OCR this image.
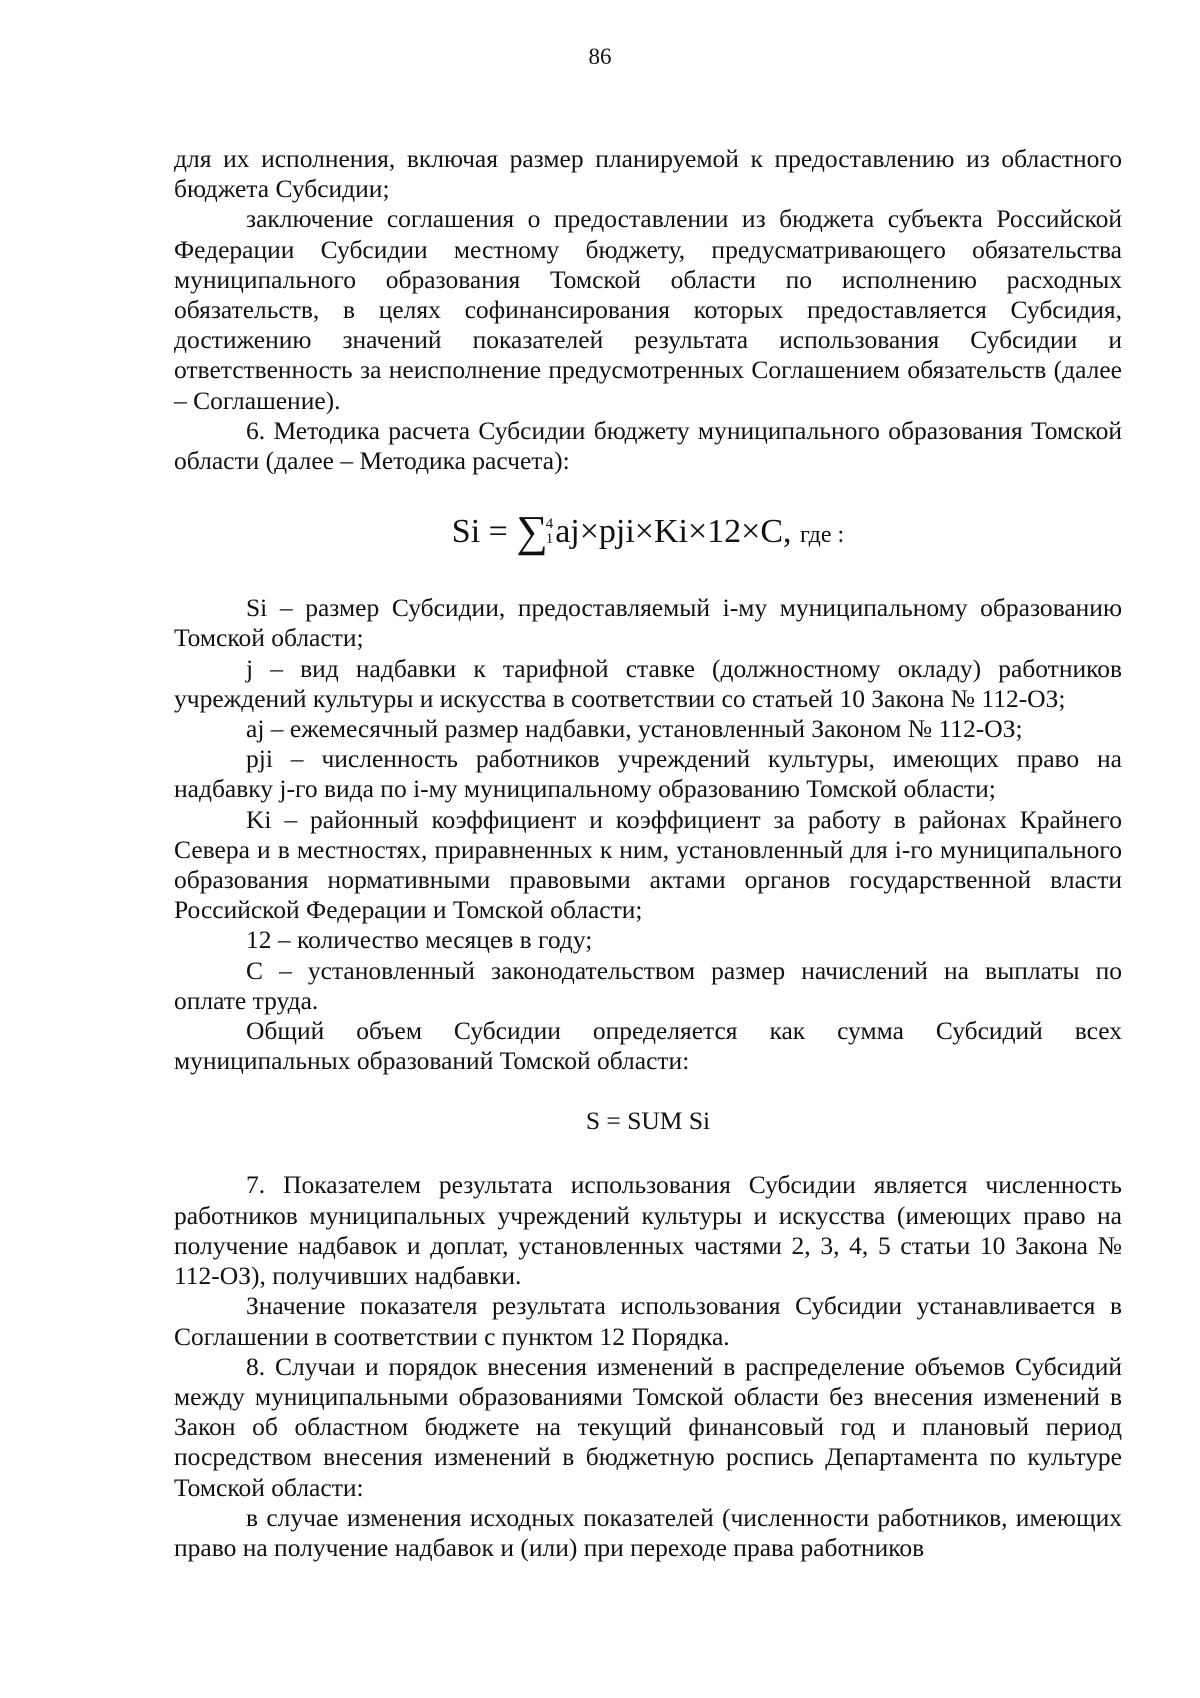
86

для их исполнения, включая размер планируемой к предоставлению из областного бюджета Субсидии;

заключение соглашения о предоставлении из бюджета субъекта Российской Федерации Субсидии местному бюджету, предусматривающего обязательства муниципального образования Томской области по исполнению расходных обязательств, в целях софинансирования которых предоставляется Субсидия, достижению значений показателей результата использования Субсидии и ответственность за неисполнение предусмотренных Соглашением обязательств (далее – Соглашение).

6. Методика расчета Субсидии бюджету муниципального образования Томской области (далее – Методика расчета):

Si = ∑
4
1 aj×pji×Ki×12×C, где :

Si – размер Субсидии, предоставляемый i-му муниципальному образованию Томской области;

j – вид надбавки к тарифной ставке (должностному окладу) работников учреждений культуры и искусства в соответствии со статьей 10 Закона № 112-ОЗ;

aj – ежемесячный размер надбавки, установленный Законом № 112-ОЗ;

pji – численность работников учреждений культуры, имеющих право на надбавку j-го вида по i-му муниципальному образованию Томской области;

Ki – районный коэффициент и коэффициент за работу в районах Крайнего Севера и в местностях, приравненных к ним, установленный для i-го муниципального образования нормативными правовыми актами органов государственной власти Российской Федерации и Томской области;

12 – количество месяцев в году;

C – установленный законодательством размер начислений на выплаты по оплате труда.

Общий объем Субсидии определяется как сумма Субсидий всех муниципальных образований Томской области:

S = SUM Si

7. Показателем результата использования Субсидии является численность работников муниципальных учреждений культуры и искусства (имеющих право на получение надбавок и доплат, установленных частями 2, 3, 4, 5 статьи 10 Закона № 112-ОЗ), получивших надбавки.

Значение показателя результата использования Субсидии устанавливается в Соглашении в соответствии с пунктом 12 Порядка.

8. Случаи и порядок внесения изменений в распределение объемов Субсидий между муниципальными образованиями Томской области без внесения изменений в Закон об областном бюджете на текущий финансовый год и плановый период посредством внесения изменений в бюджетную роспись Департамента по культуре Томской области:

в случае изменения исходных показателей (численности работников, имеющих право на получение надбавок и (или) при переходе права работников
